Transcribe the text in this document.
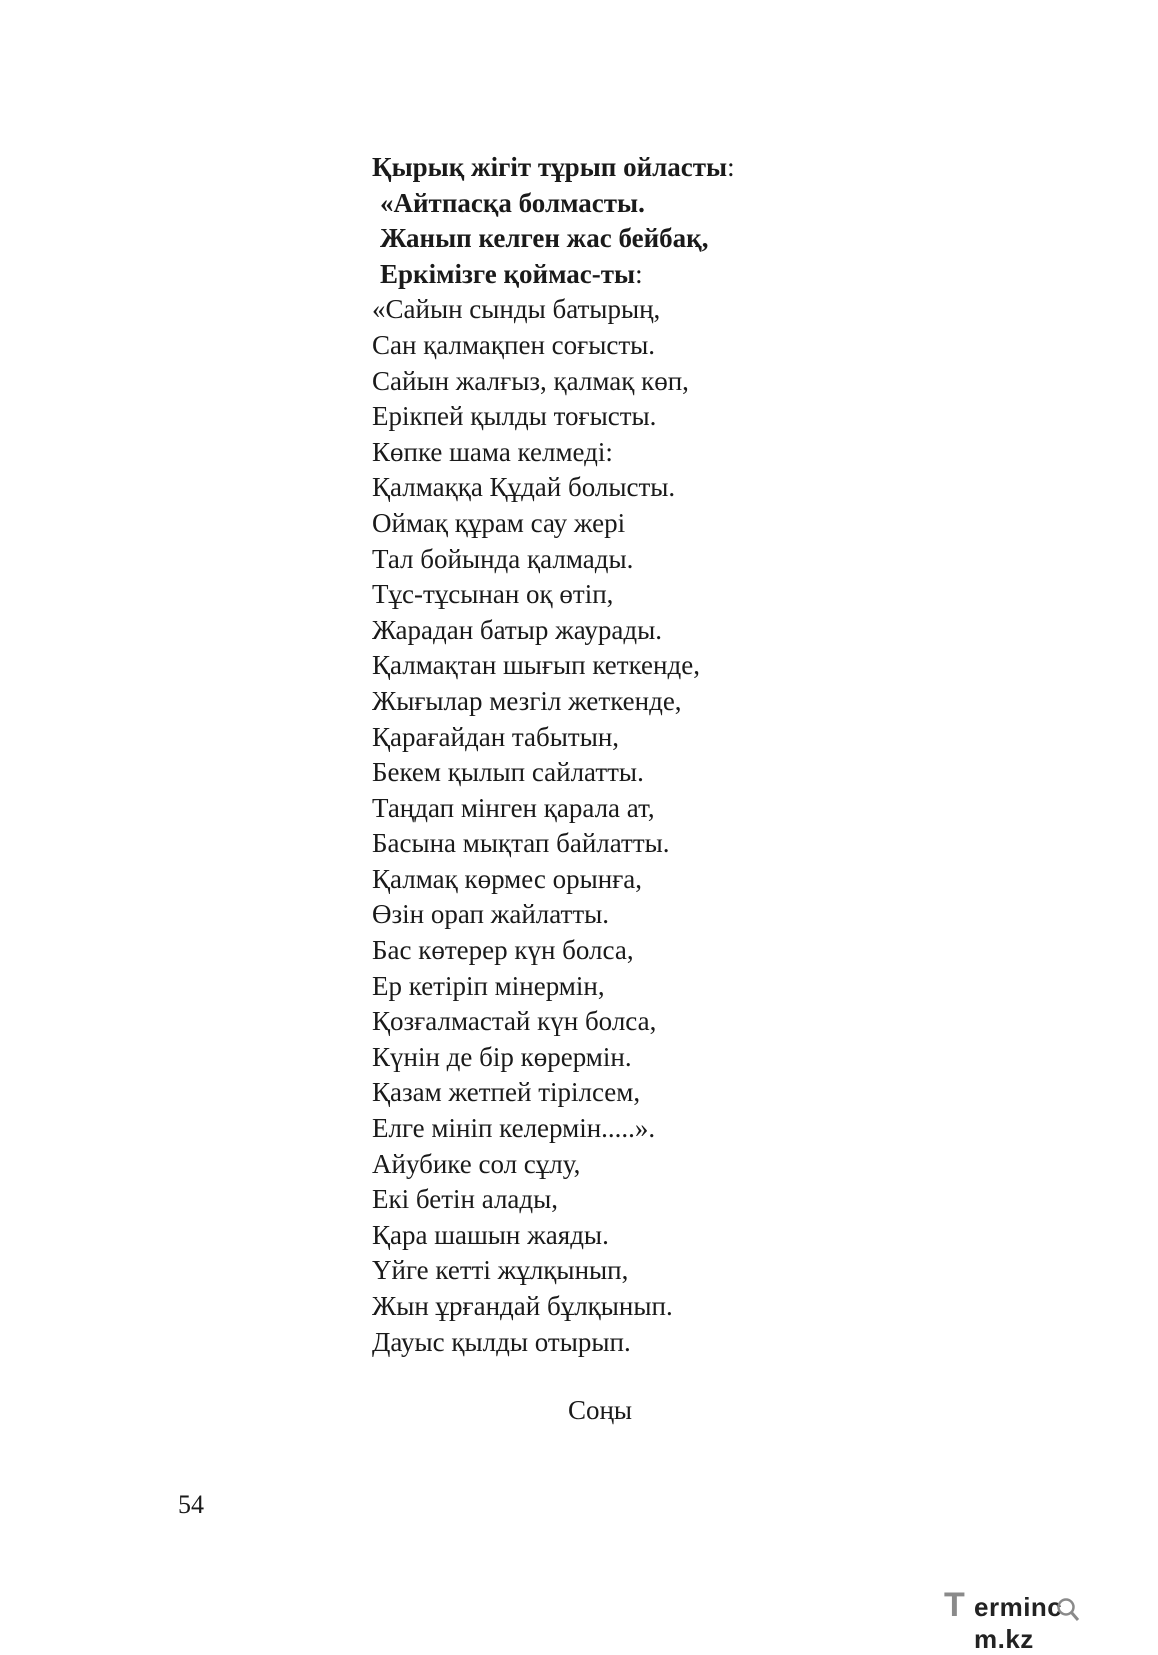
Қырық жігіт тұрып ойласты:
«Айтпасқа болмасты.
Жанып келген жас бейбақ,
Еркімізге қоймас-ты:
«Сайын сынды батырың,
Сан қалмақпен соғысты.
Сайын жалғыз, қалмақ көп,
Ерікпей қылды тоғысты.
Көпке шама келмеді:
Қалмаққа Құдай болысты.
Оймақ құрам сау жері
Тал бойында қалмады.
Тұс-тұсынан оқ өтіп,
Жарадан батыр жаурады.
Қалмақтан шығып кеткенде,
Жығылар мезгіл жеткенде,
Қарағайдан табытын,
Бекем қылып сайлатты.
Таңдап мінген қарала ат,
Басына мықтап байлатты.
Қалмақ көрмес орынға,
Өзін орап жайлатты.
Бас көтерер күн болса,
Ер кетіріп мінермін,
Қозғалмастай күн болса,
Күнін де бір көрермін.
Қазам жетпей тірілсем,
Елге мініп келермін.....».
Айубике сол сұлу,
Екі бетін алады,
Қара шашын жаяды.
Үйге кетті жұлқынып,
Жын ұрғандай бұлқынып.
Дауыс қылды отырып.
Соңы
54
T ermincm.kz
